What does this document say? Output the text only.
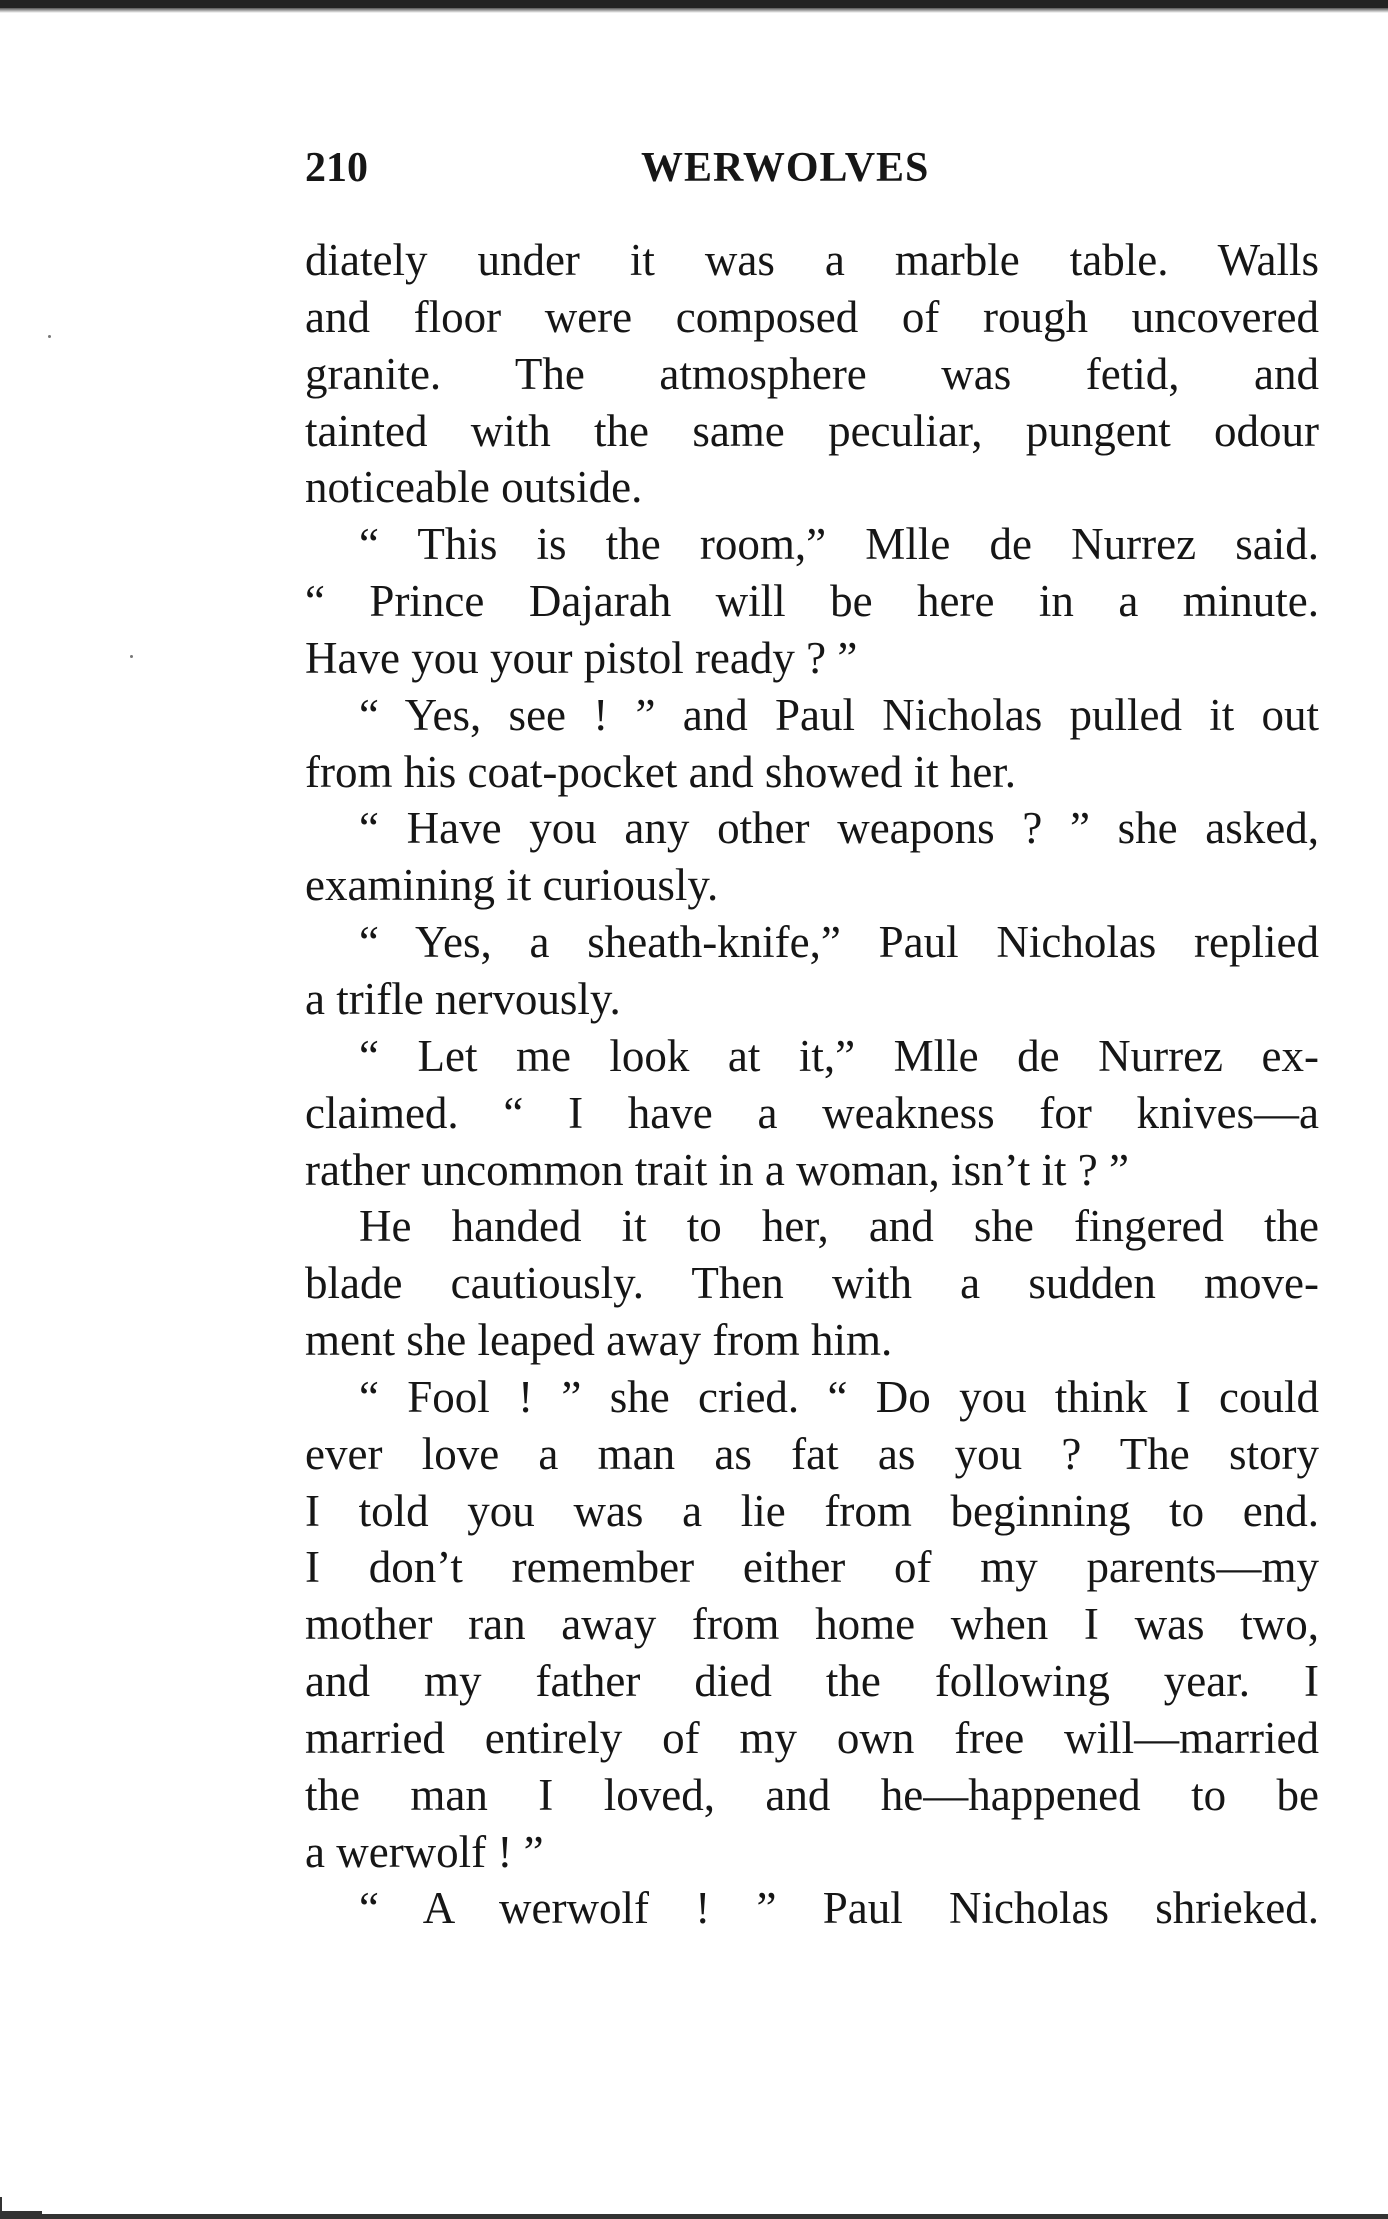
210	WERWOLVES
diately under it was a marble table. Walls
and floor were composed of rough uncovered
granite. The atmosphere was fetid, and
tainted with the same peculiar, pungent odour
noticeable outside.
“ This is the room,” Mlle de Nurrez said.
“ Prince Dajarah will be here in a minute.
Have you your pistol ready ? ”
“ Yes, see ! ” and Paul Nicholas pulled it out
from his coat-pocket and showed it her.
“ Have you any other weapons ? ” she asked,
examining it curiously.
“ Yes, a sheath-knife,” Paul Nicholas replied
a trifle nervously.
“ Let me look at it,” Mlle de Nurrez ex-
claimed. “ I have a weakness for knives—a
rather uncommon trait in a woman, isn’t it ? ”
He handed it to her, and she fingered the
blade cautiously. Then with a sudden move-
ment she leaped away from him.
“ Fool ! ” she cried. “ Do you think I could
ever love a man as fat as you ? The story
I told you was a lie from beginning to end.
I don’t remember either of my parents—my
mother ran away from home when I was two,
and my father died the following year. I
married entirely of my own free will—married
the man I loved, and he—happened to be
a werwolf ! ”
“ A werwolf ! ” Paul Nicholas shrieked.
